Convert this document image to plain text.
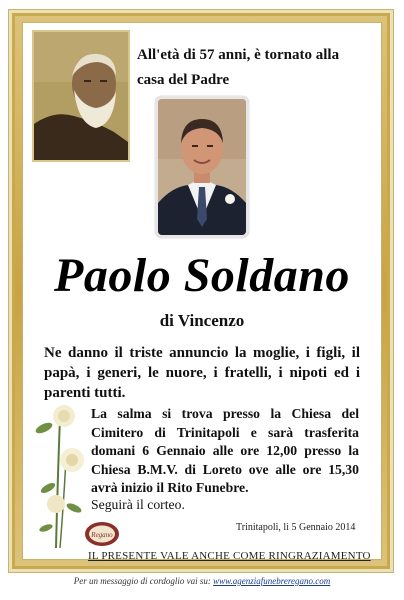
All'età di 57 anni, è tornato alla
casa del Padre
Paolo Soldano
di Vincenzo
Ne danno il triste annuncio la moglie, i figli, il papà, i generi, le nuore, i fratelli, i nipoti ed i parenti tutti.
La salma si trova presso la Chiesa del Cimitero di Trinitapoli e sarà trasferita domani 6 Gennaio alle ore 12,00 presso la Chiesa B.M.V. di Loreto ove alle ore 15,30 avrà inizio il Rito Funebre.
Seguirà il corteo.
Trinitapoli, lì 5 Gennaio 2014
Regano
IL PRESENTE VALE ANCHE COME RINGRAZIAMENTO
Per un messaggio di cordoglio vai su: www.agenziafunebreregano.com
